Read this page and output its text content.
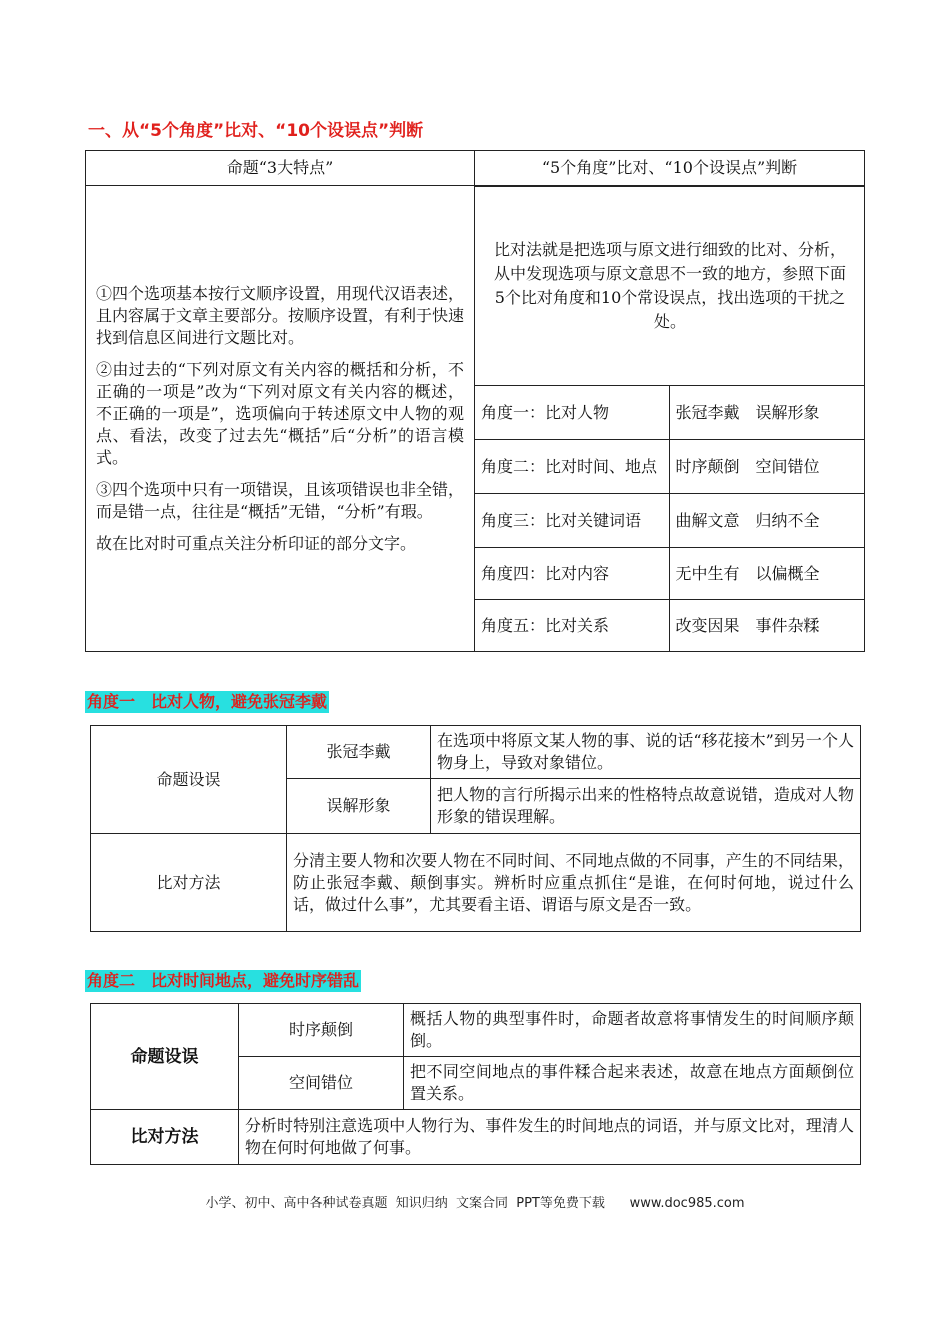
一、从“5个角度”比对、“10个设误点”判断
命题“3大特点”	“5个角度”比对、“10个设误点”判断

①四个选项基本按行文顺序设置，用现代汉语表述，且内容属于文章主要部分。按顺序设置，有利于快速找到信息区间进行文题比对。

②由过去的“下列对原文有关内容的概括和分析，不正确的一项是”改为“下列对原文有关内容的概述，不正确的一项是”，选项偏向于转述原文中人物的观点、看法，改变了过去先“概括”后“分析”的语言模式。

③四个选项中只有一项错误，且该项错误也非全错，而是错一点，往往是“概括”无错，“分析”有瑕。

故在比对时可重点关注分析印证的部分文字。

比对法就是把选项与原文进行细致的比对、分析，从中发现选项与原文意思不一致的地方，参照下面5个比对角度和10个常设误点，找出选项的干扰之处。
角度一：比对人物	张冠李戴　误解形象
角度二：比对时间、地点	时序颠倒　空间错位
角度三：比对关键词语	曲解文意　归纳不全
角度四：比对内容	无中生有　以偏概全
角度五：比对关系	改变因果　事件杂糅
角度一　比对人物，避免张冠李戴
命题设误	张冠李戴	在选项中将原文某人物的事、说的话“移花接木”到另一个人物身上，导致对象错位。
	误解形象	把人物的言行所揭示出来的性格特点故意说错，造成对人物形象的错误理解。
比对方法	分清主要人物和次要人物在不同时间、不同地点做的不同事，产生的不同结果，防止张冠李戴、颠倒事实。辨析时应重点抓住“是谁，在何时何地，说过什么话，做过什么事”，尤其要看主语、谓语与原文是否一致。	
角度二　比对时间地点，避免时序错乱
命题设误	时序颠倒	概括人物的典型事件时，命题者故意将事情发生的时间顺序颠倒。
	空间错位	把不同空间地点的事件糅合起来表述，故意在地点方面颠倒位置关系。
比对方法	分析时特别注意选项中人物行为、事件发生的时间地点的词语，并与原文比对，理清人物在何时何地做了何事。	
小学、初中、高中各种试卷真题  知识归纳  文案合同  PPT等免费下载      www.doc985.com
